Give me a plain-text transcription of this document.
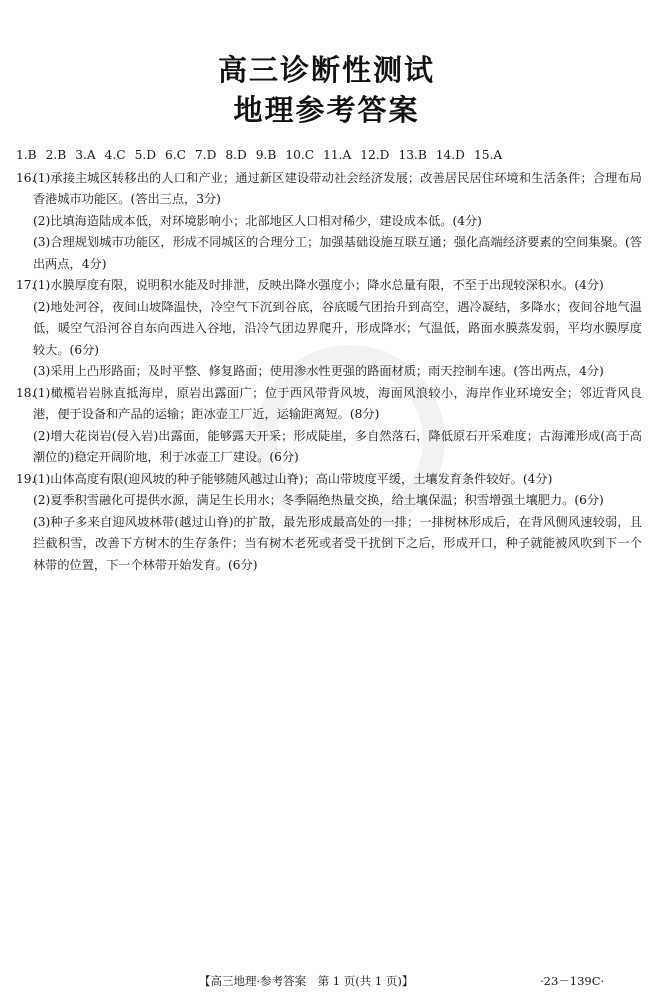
高三诊断性测试
地理参考答案
1.B 2.B 3.A 4.C 5.D 6.C 7.D 8.D 9.B 10.C 11.A 12.D 13.B 14.D 15.A
16.

(1)承接主城区转移出的人口和产业；通过新区建设带动社会经济发展；改善居民居住环境和生活条件；合理布局香港城市功能区。(答出三点，3分)

(2)比填海造陆成本低，对环境影响小；北部地区人口相对稀少，建设成本低。(4分)

(3)合理规划城市功能区，形成不同城区的合理分工；加强基础设施互联互通；强化高端经济要素的空间集聚。(答出两点，4分)

17.

(1)水膜厚度有限，说明积水能及时排泄，反映出降水强度小；降水总量有限，不至于出现较深积水。(4分)

(2)地处河谷，夜间山坡降温快，冷空气下沉到谷底，谷底暖气团抬升到高空，遇冷凝结，多降水；夜间谷地气温低，暖空气沿河谷自东向西进入谷地，沿冷气团边界爬升，形成降水；气温低，路面水膜蒸发弱，平均水膜厚度较大。(6分)

(3)采用上凸形路面；及时平整、修复路面；使用渗水性更强的路面材质；雨天控制车速。(答出两点，4分)

18.

(1)橄榄岩岩脉直抵海岸，原岩出露面广；位于西风带背风坡，海面风浪较小，海岸作业环境安全；邻近背风良港，便于设备和产品的运输；距冰壶工厂近，运输距离短。(8分)

(2)增大花岗岩(侵入岩)出露面，能够露天开采；形成陡崖，多自然落石，降低原石开采难度；古海滩形成(高于高潮位的)稳定开阔阶地，利于冰壶工厂建设。(6分)

19.

(1)山体高度有限(迎风坡的种子能够随风越过山脊)；高山带坡度平缓，土壤发育条件较好。(4分)

(2)夏季积雪融化可提供水源，满足生长用水；冬季隔绝热量交换，给土壤保温；积雪增强土壤肥力。(6分)

(3)种子多来自迎风坡林带(越过山脊)的扩散，最先形成最高处的一排；一排树林形成后，在背风侧风速较弱，且拦截积雪，改善下方树木的生存条件；当有树木老死或者受干扰倒下之后，形成开口，种子就能被风吹到下一个林带的位置，下一个林带开始发育。(6分)

【高三地理·参考答案　第 1 页(共 1 页)】	·23－139C·
